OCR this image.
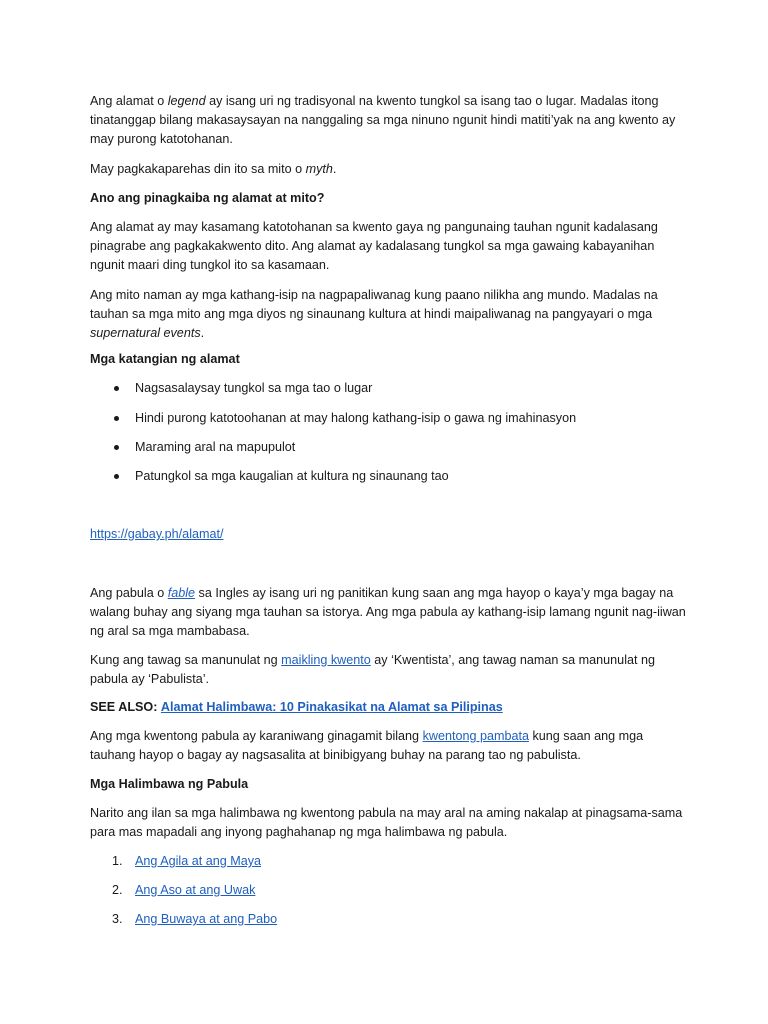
Ang alamat o legend ay isang uri ng tradisyonal na kwento tungkol sa isang tao o lugar. Madalas itong tinatanggap bilang makasaysayan na nanggaling sa mga ninuno ngunit hindi matiti’yak na ang kwento ay may purong katotohanan.

May pagkakaparehas din ito sa mito o myth.

Ano ang pinagkaiba ng alamat at mito?

Ang alamat ay may kasamang katotohanan sa kwento gaya ng pangunaing tauhan ngunit kadalasang pinagrabe ang pagkakakwento dito. Ang alamat ay kadalasang tungkol sa mga gawaing kabayanihan ngunit maari ding tungkol ito sa kasamaan.

Ang mito naman ay mga kathang-isip na nagpapaliwanag kung paano nilikha ang mundo. Madalas na tauhan sa mga mito ang mga diyos ng sinaunang kultura at hindi maipaliwanag na pangyayari o mga supernatural events.

Mga katangian ng alamat

Nagsasalaysay tungkol sa mga tao o lugar
Hindi purong katotoohanan at may halong kathang-isip o gawa ng imahinasyon
Maraming aral na mapupulot
Patungkol sa mga kaugalian at kultura ng sinaunang tao

https://gabay.ph/alamat/

Ang pabula o fable sa Ingles ay isang uri ng panitikan kung saan ang mga hayop o kaya’y mga bagay na walang buhay ang siyang mga tauhan sa istorya. Ang mga pabula ay kathang-isip lamang ngunit nag-iiwan ng aral sa mga mambabasa.

Kung ang tawag sa manunulat ng maikling kwento ay ‘Kwentista’, ang tawag naman sa manunulat ng pabula ay ‘Pabulista’.

SEE ALSO: Alamat Halimbawa: 10 Pinakasikat na Alamat sa Pilipinas

Ang mga kwentong pabula ay karaniwang ginagamit bilang kwentong pambata kung saan ang mga tauhang hayop o bagay ay nagsasalita at binibigyang buhay na parang tao ng pabulista.

Mga Halimbawa ng Pabula

Narito ang ilan sa mga halimbawa ng kwentong pabula na may aral na aming nakalap at pinagsama-sama para mas mapadali ang inyong paghahanap ng mga halimbawa ng pabula.

1. Ang Agila at ang Maya
2. Ang Aso at ang Uwak
3. Ang Buwaya at ang Pabo
